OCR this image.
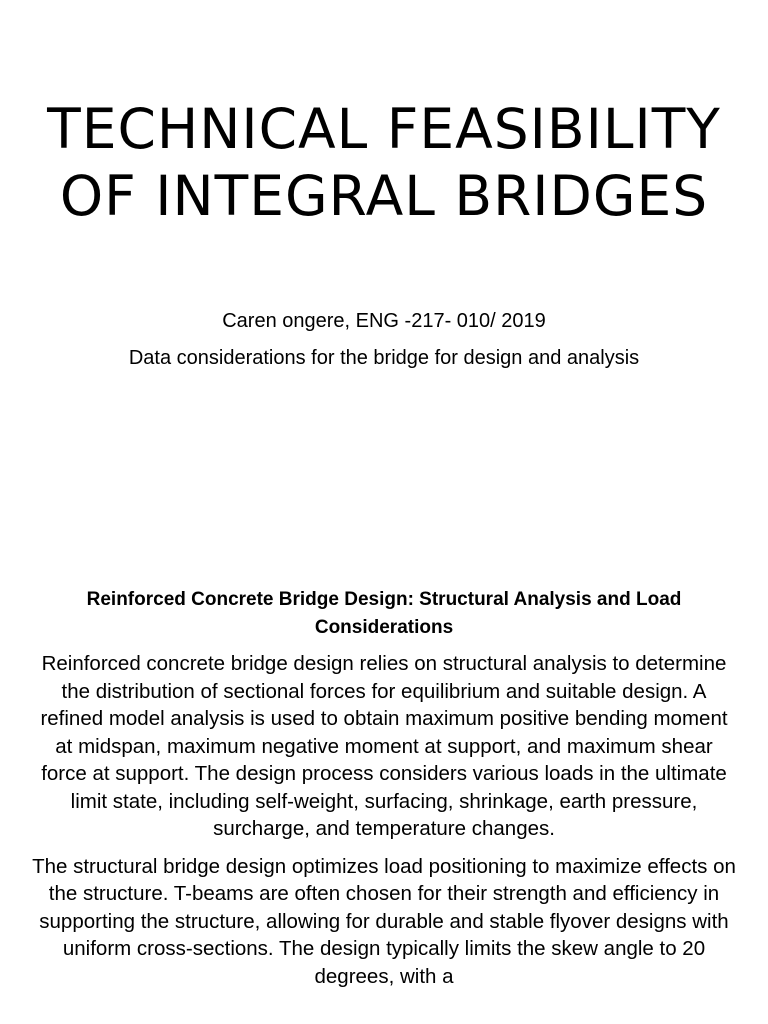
TECHNICAL FEASIBILITY OF INTEGRAL BRIDGES

Caren ongere, ENG -217- 010/ 2019

Data considerations for the bridge for design and analysis

Reinforced Concrete Bridge Design: Structural Analysis and Load Considerations

Reinforced concrete bridge design relies on structural analysis to determine the distribution of sectional forces for equilibrium and suitable design. A refined model analysis is used to obtain maximum positive bending moment at midspan, maximum negative moment at support, and maximum shear force at support. The design process considers various loads in the ultimate limit state, including self-weight, surfacing, shrinkage, earth pressure, surcharge, and temperature changes.

The structural bridge design optimizes load positioning to maximize effects on the structure. T-beams are often chosen for their strength and efficiency in supporting the structure, allowing for durable and stable flyover designs with uniform cross-sections. The design typically limits the skew angle to 20 degrees, with a
